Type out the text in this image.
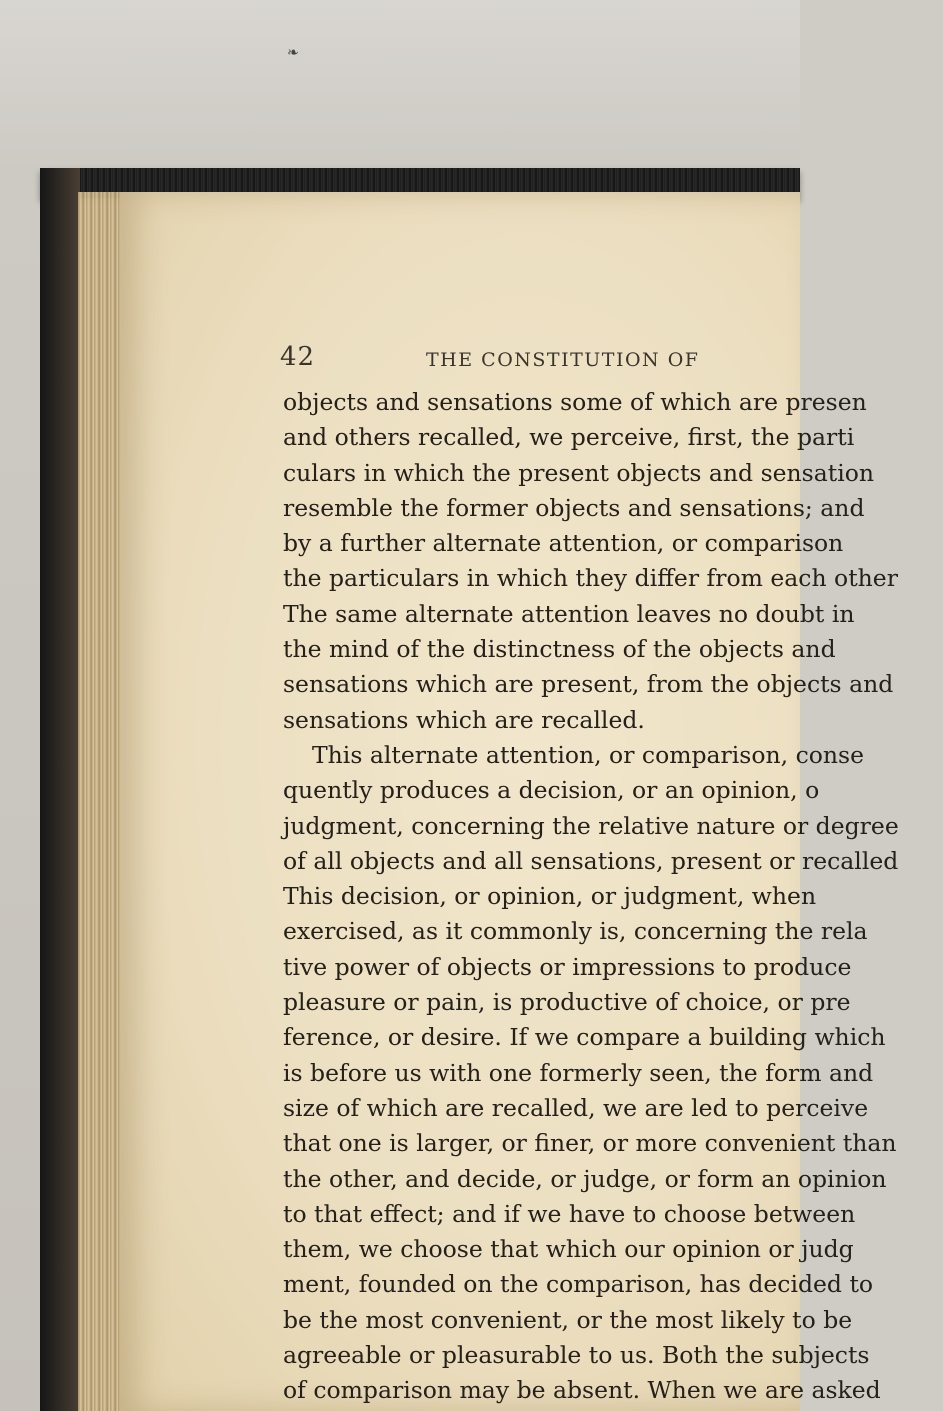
❧
42	THE CONSTITUTION OF
objects and sensations some of which are presen
and others recalled, we perceive, first, the parti
culars in which the present objects and sensation
resemble the former objects and sensations; and
by a further alternate attention, or comparison
the particulars in which they differ from each other
The same alternate attention leaves no doubt in
the mind of the distinctness of the objects and
sensations which are present, from the objects and
sensations which are recalled.
This alternate attention, or comparison, conse
quently produces a decision, or an opinion, o
judgment, concerning the relative nature or degree
of all objects and all sensations, present or recalled
This decision, or opinion, or judgment, when
exercised, as it commonly is, concerning the rela
tive power of objects or impressions to produce
pleasure or pain, is productive of choice, or pre
ference, or desire. If we compare a building which
is before us with one formerly seen, the form and
size of which are recalled, we are led to perceive
that one is larger, or finer, or more convenient than
the other, and decide, or judge, or form an opinion
to that effect; and if we have to choose between
them, we choose that which our opinion or judg
ment, founded on the comparison, has decided to
be the most convenient, or the most likely to be
agreeable or pleasurable to us. Both the subjects
of comparison may be absent. When we are asked
